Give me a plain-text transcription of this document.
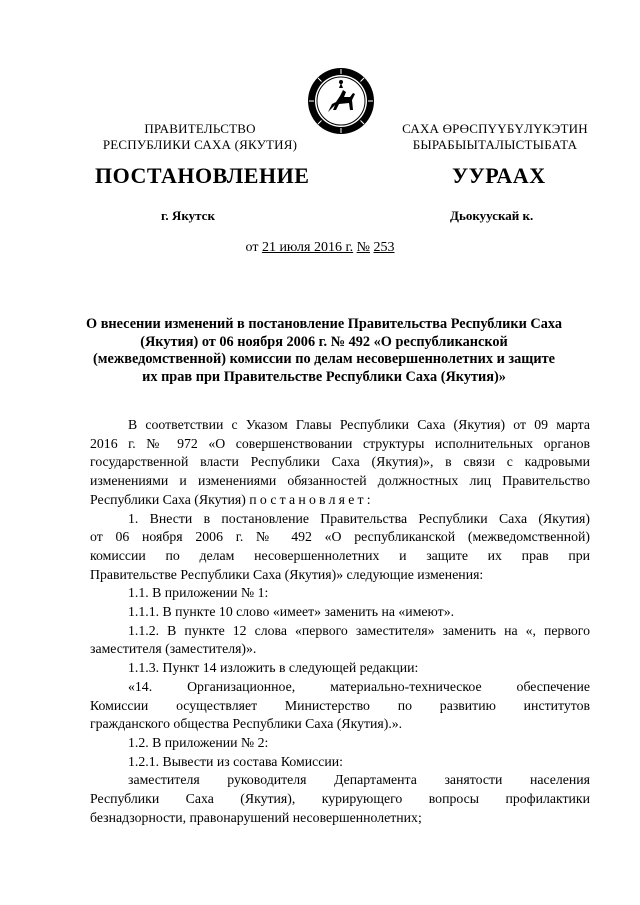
ПРАВИТЕЛЬСТВО
РЕСПУБЛИКИ САХА (ЯКУТИЯ)
САХА ӨРӨСПҮҮБҮЛҮКЭТИН
БЫРАБЫЫТАЛЫСТЫБАТА
ПОСТАНОВЛЕНИЕ	УУРААХ
г. Якутск	Дьокуускай к.
от 21 июля 2016 г. № 253
О внесении изменений в постановление Правительства Республики Саха
(Якутия) от 06 ноября 2006 г. № 492 «О республиканской
(межведомственной) комиссии по делам несовершеннолетних и защите
их прав при Правительстве Республики Саха (Якутия)»

В соответствии с Указом Главы Республики Саха (Якутия) от 09 марта

2016 г. № 972 «О совершенствовании структуры исполнительных органов

государственной власти Республики Саха (Якутия)», в связи с кадровыми

изменениями и изменениями обязанностей должностных лиц Правительство

Республики Саха (Якутия) постановляет:

1. Внести в постановление Правительства Республики Саха (Якутия)

от 06 ноября 2006 г. № 492 «О республиканской (межведомственной)

комиссии по делам несовершеннолетних и защите их прав при

Правительстве Республики Саха (Якутия)» следующие изменения:

1.1. В приложении № 1:

1.1.1. В пункте 10 слово «имеет» заменить на «имеют».

1.1.2. В пункте 12 слова «первого заместителя» заменить на «, первого

заместителя (заместителя)».

1.1.3. Пункт 14 изложить в следующей редакции:

«14. Организационное, материально-техническое обеспечение

Комиссии осуществляет Министерство по развитию институтов

гражданского общества Республики Саха (Якутия).».

1.2. В приложении № 2:

1.2.1. Вывести из состава Комиссии:

заместителя руководителя Департамента занятости населения

Республики Саха (Якутия), курирующего вопросы профилактики

безнадзорности, правонарушений несовершеннолетних;
